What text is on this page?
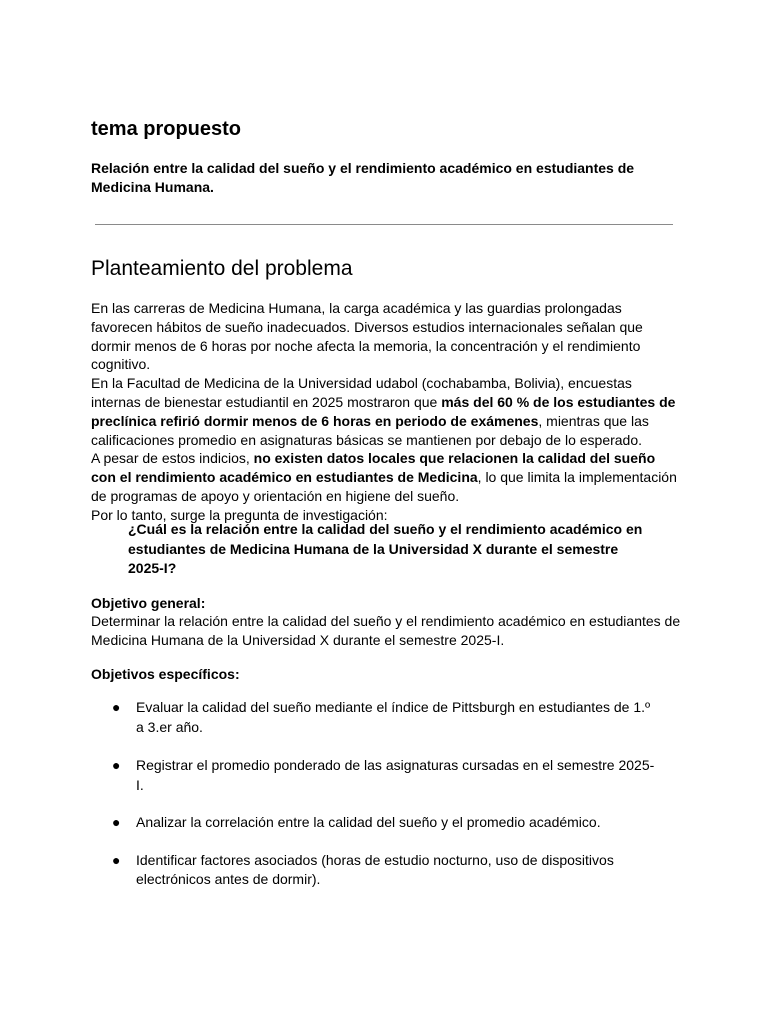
tema propuesto

Relación entre la calidad del sueño y el rendimiento académico en estudiantes de Medicina Humana.

Planteamiento del problema

En las carreras de Medicina Humana, la carga académica y las guardias prolongadas favorecen hábitos de sueño inadecuados. Diversos estudios internacionales señalan que dormir menos de 6 horas por noche afecta la memoria, la concentración y el rendimiento cognitivo.

En la Facultad de Medicina de la Universidad udabol (cochabamba, Bolivia), encuestas internas de bienestar estudiantil en 2025 mostraron que más del 60 % de los estudiantes de preclínica refirió dormir menos de 6 horas en periodo de exámenes, mientras que las calificaciones promedio en asignaturas básicas se mantienen por debajo de lo esperado.

A pesar de estos indicios, no existen datos locales que relacionen la calidad del sueño con el rendimiento académico en estudiantes de Medicina, lo que limita la implementación de programas de apoyo y orientación en higiene del sueño.

Por lo tanto, surge la pregunta de investigación:

¿Cuál es la relación entre la calidad del sueño y el rendimiento académico en estudiantes de Medicina Humana de la Universidad X durante el semestre 2025-I?

Objetivo general:

Determinar la relación entre la calidad del sueño y el rendimiento académico en estudiantes de Medicina Humana de la Universidad X durante el semestre 2025-I.

Objetivos específicos:

● Evaluar la calidad del sueño mediante el índice de Pittsburgh en estudiantes de 1.º a 3.er año.
● Registrar el promedio ponderado de las asignaturas cursadas en el semestre 2025-I.
● Analizar la correlación entre la calidad del sueño y el promedio académico.
● Identificar factores asociados (horas de estudio nocturno, uso de dispositivos electrónicos antes de dormir).
